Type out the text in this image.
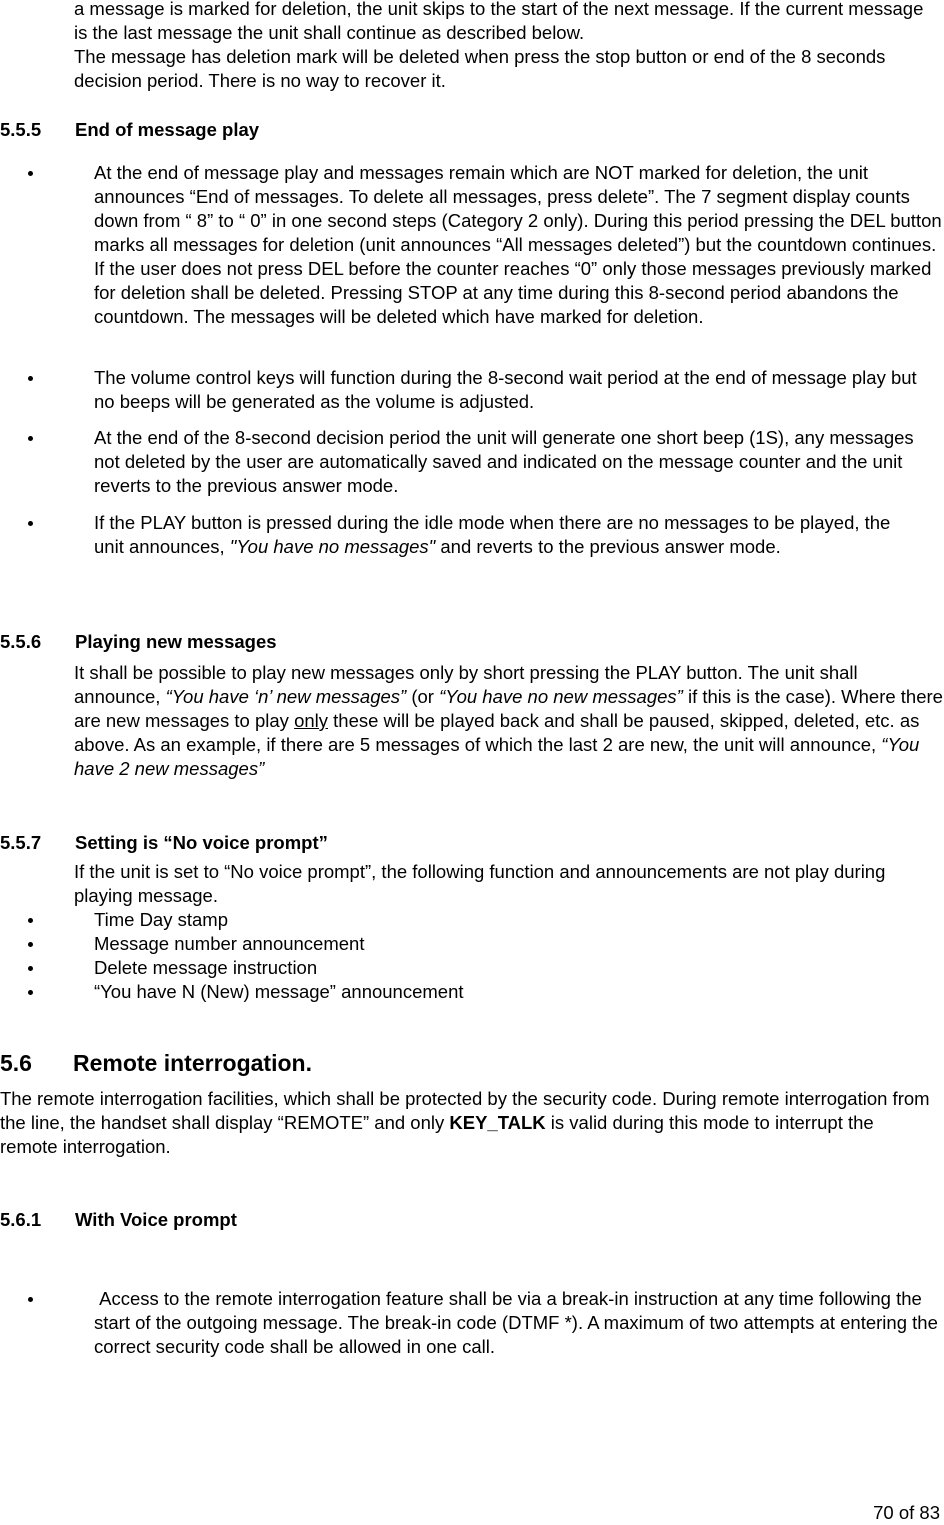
a message is marked for deletion, the unit skips to the start of the next message. If the current message is the last message the unit shall continue as described below.

The message has deletion mark will be deleted when press the stop button or end of the 8 seconds decision period. There is no way to recover it.

5.5.5	End of message play
At the end of message play and messages remain which are NOT marked for deletion, the unit announces “End of messages. To delete all messages, press delete”. The 7 segment display counts down from “ 8” to “ 0” in one second steps (Category 2 only). During this period pressing the DEL button marks all messages for deletion (unit announces “All messages deleted”) but the countdown continues. If the user does not press DEL before the counter reaches “0” only those messages previously marked for deletion shall be deleted. Pressing STOP at any time during this 8-second period abandons the countdown. The messages will be deleted which have marked for deletion.
The volume control keys will function during the 8-second wait period at the end of message play but no beeps will be generated as the volume is adjusted.
At the end of the 8-second decision period the unit will generate one short beep (1S), any messages not deleted by the user are automatically saved and indicated on the message counter and the unit reverts to the previous answer mode.
If the PLAY button is pressed during the idle mode when there are no messages to be played, the unit announces, "You have no messages" and reverts to the previous answer mode.
5.5.6	Playing new messages

It shall be possible to play new messages only by short pressing the PLAY button. The unit shall announce, “You have ‘n’ new messages” (or “You have no new messages” if this is the case). Where there are new messages to play only these will be played back and shall be paused, skipped, deleted, etc. as above. As an example, if there are 5 messages of which the last 2 are new, the unit will announce, “You have 2 new messages”

5.5.7	Setting is “No voice prompt”

If the unit is set to “No voice prompt”, the following function and announcements are not play during playing message.

Time Day stamp
Message number announcement
Delete message instruction
“You have N (New) message” announcement
5.6	Remote interrogation.

The remote interrogation facilities, which shall be protected by the security code. During remote interrogation from the line, the handset shall display “REMOTE” and only KEY_TALK is valid during this mode to interrupt the remote interrogation.

5.6.1	With Voice prompt
Access to the remote interrogation feature shall be via a break-in instruction at any time following the start of the outgoing message. The break-in code (DTMF *). A maximum of two attempts at entering the correct security code shall be allowed in one call.
70 of 83
